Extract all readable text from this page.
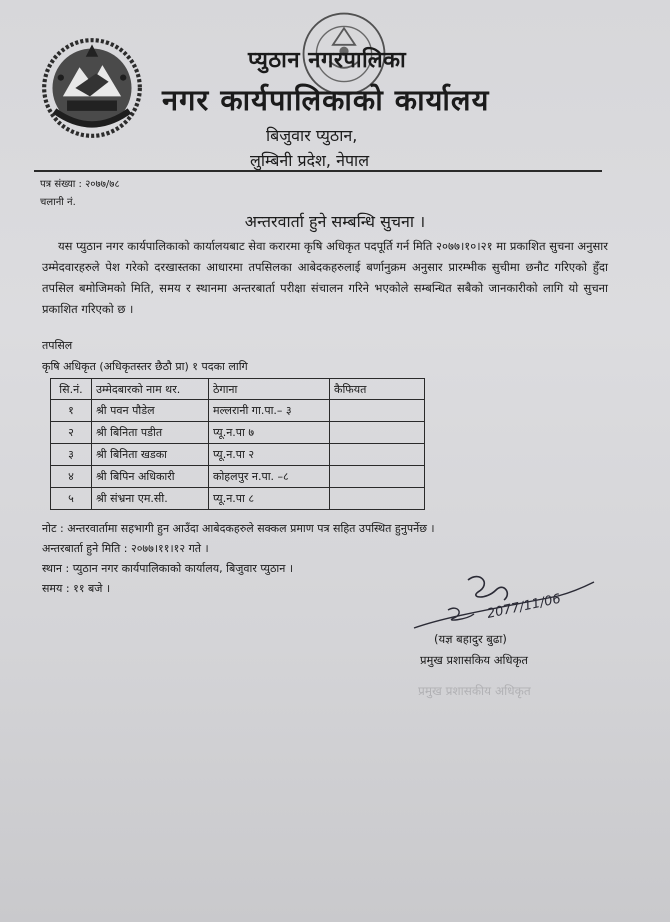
प्युठान नगरपालिका
नगर कार्यपालिकाको कार्यालय
बिजुवार प्युठान,
लुम्बिनी प्रदेश, नेपाल
पत्र संख्या : २०७७/७८
चलानी नं.
अन्तरवार्ता हुने सम्बन्धि सुचना ।
यस प्युठान नगर कार्यपालिकाको कार्यालयबाट सेवा करारमा कृषि अधिकृत पदपूर्ति गर्न मिति २०७७।१०।२१ मा प्रकाशित सुचना अनुसार उम्मेदवारहरुले पेश गरेको दरखास्तका आधारमा तपसिलका आबेदकहरुलाई बर्णानुक्रम अनुसार प्रारम्भीक सुचीमा छनौट गरिएको हुँदा तपसिल बमोजिमको मिति, समय र स्थानमा अन्तरबार्ता परीक्षा संचालन गरिने भएकोले सम्बन्धित सबैको जानकारीको लागि यो सुचना प्रकाशित गरिएको छ ।
तपसिल
कृषि अधिकृत (अधिकृतस्तर छैठौ प्रा) १ पदका लागि
सि.नं.	उम्मेदबारको नाम थर.	ठेगाना	कैफियत
१	श्री पवन पौडेल	मल्लरानी गा.पा.– ३	
२	श्री बिनिता पडीत	प्यू.न.पा ७	
३	श्री बिनिता खडका	प्यू.न.पा २	
४	श्री बिपिन अधिकारी	कोहलपुर न.पा. –८	
५	श्री संभ्रना एम.सी.	प्यू.न.पा ८	
नोट : अन्तरवार्तामा सहभागी हुन आउँदा आबेदकहरुले सक्कल प्रमाण पत्र सहित उपस्थित हुनुपर्नेछ ।
अन्तरबार्ता हुने मिति : २०७७।११।१२ गते ।
स्थान : प्युठान नगर कार्यपालिकाको कार्यालय, बिजुवार प्युठान ।
समय : ११ बजे ।
2077/11/06
(यज्ञ बहादुर बुढा)
प्रमुख प्रशासकिय अधिकृत
प्रमुख प्रशासकीय अधिकृत
